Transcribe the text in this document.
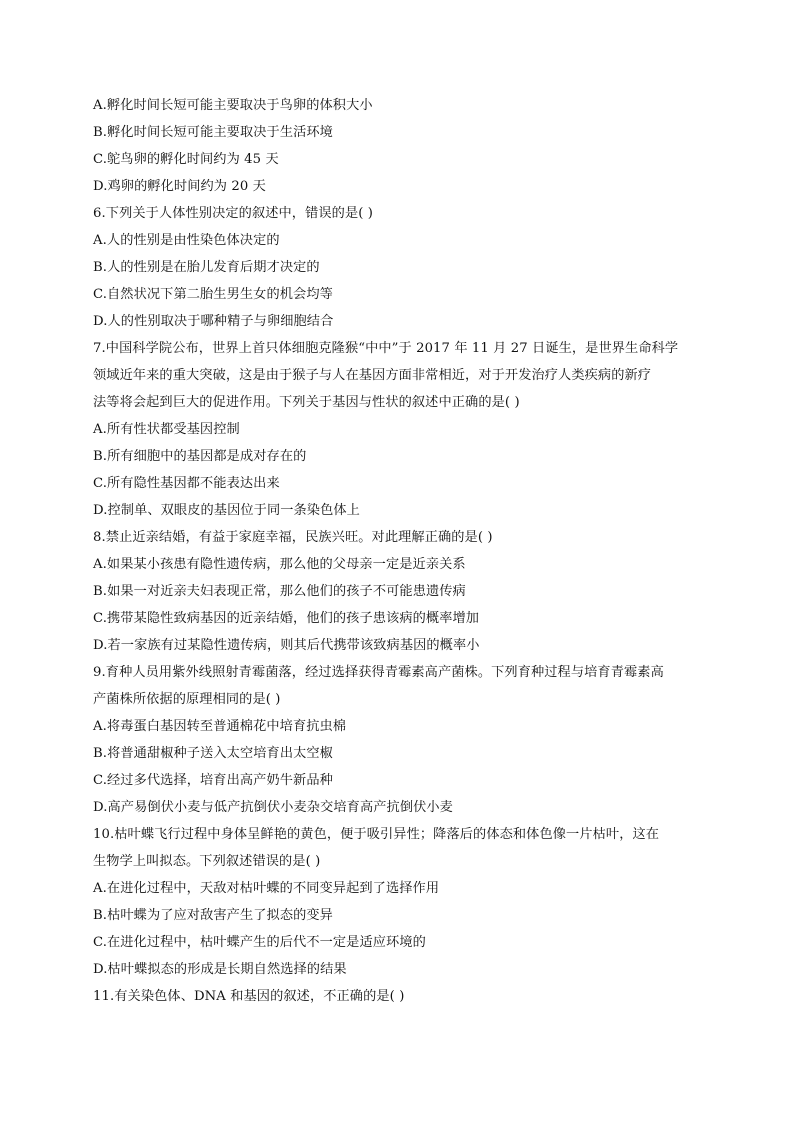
A.孵化时间长短可能主要取决于鸟卵的体积大小
B.孵化时间长短可能主要取决于生活环境
C.鸵鸟卵的孵化时间约为 45 天
D.鸡卵的孵化时间约为 20 天
6.下列关于人体性别决定的叙述中，错误的是( )
A.人的性别是由性染色体决定的
B.人的性别是在胎儿发育后期才决定的
C.自然状况下第二胎生男生女的机会均等
D.人的性别取决于哪种精子与卵细胞结合
7.中国科学院公布，世界上首只体细胞克隆猴“中中”于 2017 年 11 月 27 日诞生，是世界生命科学
领域近年来的重大突破，这是由于猴子与人在基因方面非常相近，对于开发治疗人类疾病的新疗
法等将会起到巨大的促进作用。下列关于基因与性状的叙述中正确的是( )
A.所有性状都受基因控制
B.所有细胞中的基因都是成对存在的
C.所有隐性基因都不能表达出来
D.控制单、双眼皮的基因位于同一条染色体上
8.禁止近亲结婚，有益于家庭幸福，民族兴旺。对此理解正确的是( )
A.如果某小孩患有隐性遗传病，那么他的父母亲一定是近亲关系
B.如果一对近亲夫妇表现正常，那么他们的孩子不可能患遗传病
C.携带某隐性致病基因的近亲结婚，他们的孩子患该病的概率增加
D.若一家族有过某隐性遗传病，则其后代携带该致病基因的概率小
9.育种人员用紫外线照射青霉菌落，经过选择获得青霉素高产菌株。下列育种过程与培育青霉素高
产菌株所依据的原理相同的是( )
A.将毒蛋白基因转至普通棉花中培育抗虫棉
B.将普通甜椒种子送入太空培育出太空椒
C.经过多代选择，培育出高产奶牛新品种
D.高产易倒伏小麦与低产抗倒伏小麦杂交培育高产抗倒伏小麦
10.枯叶蝶飞行过程中身体呈鲜艳的黄色，便于吸引异性；降落后的体态和体色像一片枯叶，这在
生物学上叫拟态。下列叙述错误的是( )
A.在进化过程中，天敌对枯叶蝶的不同变异起到了选择作用
B.枯叶蝶为了应对敌害产生了拟态的变异
C.在进化过程中，枯叶蝶产生的后代不一定是适应环境的
D.枯叶蝶拟态的形成是长期自然选择的结果
11.有关染色体、DNA 和基因的叙述，不正确的是( )
